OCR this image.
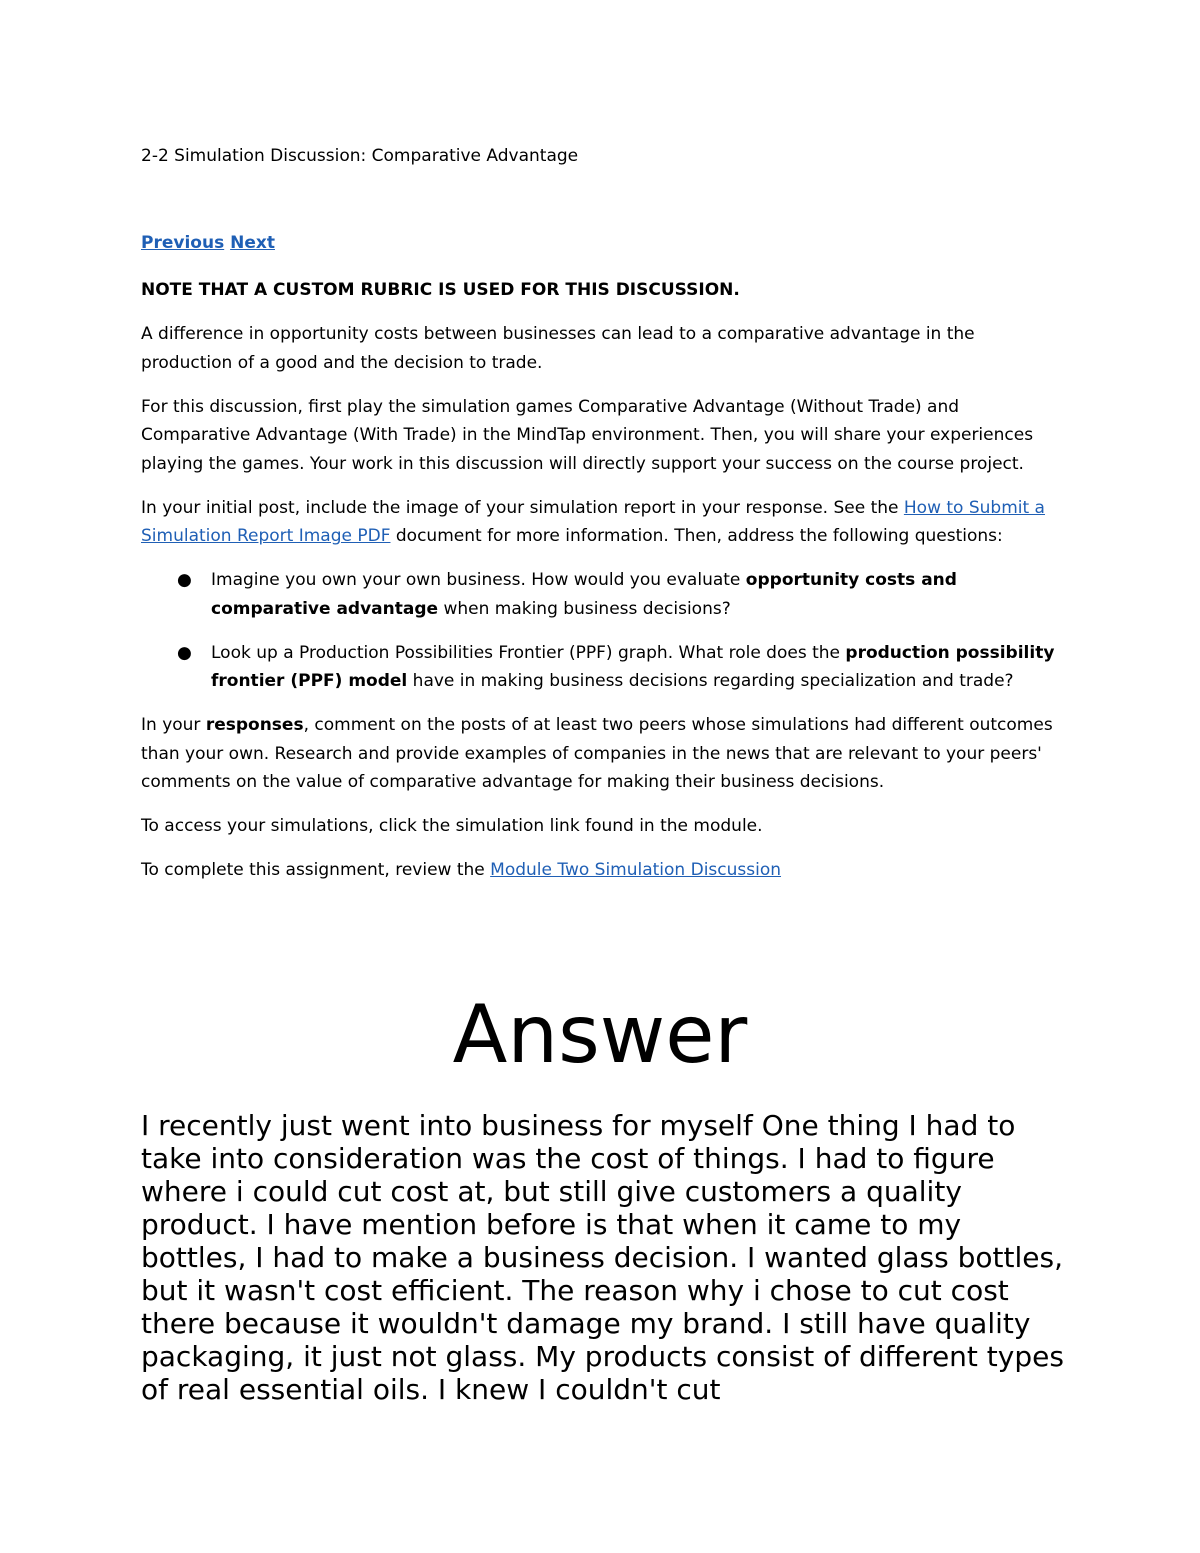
2-2 Simulation Discussion: Comparative Advantage
Previous Next

NOTE THAT A CUSTOM RUBRIC IS USED FOR THIS DISCUSSION.

A difference in opportunity costs between businesses can lead to a comparative advantage in the production of a good and the decision to trade.

For this discussion, first play the simulation games Comparative Advantage (Without Trade) and Comparative Advantage (With Trade) in the MindTap environment. Then, you will share your experiences playing the games. Your work in this discussion will directly support your success on the course project.

In your initial post, include the image of your simulation report in your response. See the How to Submit a Simulation Report Image PDF document for more information. Then, address the following questions:

● Imagine you own your own business. How would you evaluate opportunity costs and comparative advantage when making business decisions?
● Look up a Production Possibilities Frontier (PPF) graph. What role does the production possibility frontier (PPF) model have in making business decisions regarding specialization and trade?

In your responses, comment on the posts of at least two peers whose simulations had different outcomes than your own. Research and provide examples of companies in the news that are relevant to your peers' comments on the value of comparative advantage for making their business decisions.

To access your simulations, click the simulation link found in the module.

To complete this assignment, review the Module Two Simulation Discussion

Answer
I recently just went into business for myself One thing I had to take into consideration was the cost of things. I had to figure where i could cut cost at, but still give customers a quality product. I have mention before is that when it came to my bottles, I had to make a business decision. I wanted glass bottles, but it wasn't cost efficient. The reason why i chose to cut cost there because it wouldn't damage my brand. I still have quality packaging, it just not glass. My products consist of different types of real essential oils. I knew I couldn't cut
